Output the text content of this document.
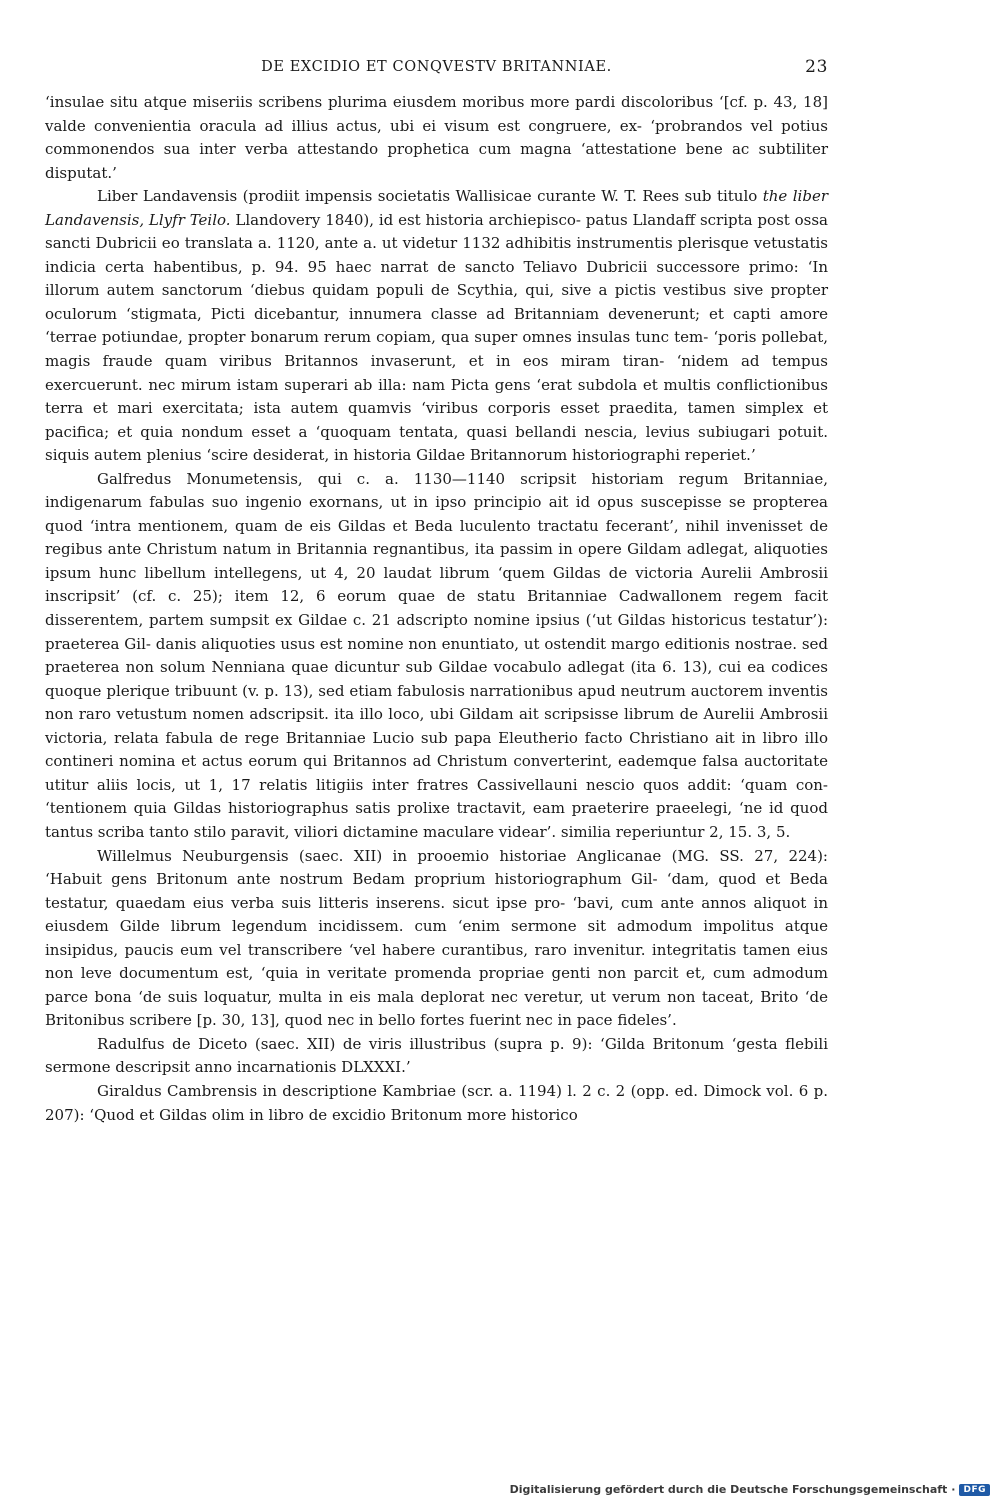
DE EXCIDIO ET CONQVESTV BRITANNIAE.	23

‘insulae situ atque miseriis scribens plurima eiusdem moribus more pardi discoloribus ‘[cf. p. 43, 18] valde convenientia oracula ad illius actus, ubi ei visum est congruere, ex- ‘probrandos vel potius commonendos sua inter verba attestando prophetica cum magna ‘attestatione bene ac subtiliter disputat.’

Liber Landavensis (prodiit impensis societatis Wallisicae curante W. T. Rees sub titulo the liber Landavensis, Llyfr Teilo. Llandovery 1840), id est historia archiepisco- patus Llandaff scripta post ossa sancti Dubricii eo translata a. 1120, ante a. ut videtur 1132 adhibitis instrumentis plerisque vetustatis indicia certa habentibus, p. 94. 95 haec narrat de sancto Teliavo Dubricii successore primo: ‘In illorum autem sanctorum ‘diebus quidam populi de Scythia, qui, sive a pictis vestibus sive propter oculorum ‘stigmata, Picti dicebantur, innumera classe ad Britanniam devenerunt; et capti amore ‘terrae potiundae, propter bonarum rerum copiam, qua super omnes insulas tunc tem- ‘poris pollebat, magis fraude quam viribus Britannos invaserunt, et in eos miram tiran- ‘nidem ad tempus exercuerunt. nec mirum istam superari ab illa: nam Picta gens ‘erat subdola et multis conflictionibus terra et mari exercitata; ista autem quamvis ‘viribus corporis esset praedita, tamen simplex et pacifica; et quia nondum esset a ‘quoquam tentata, quasi bellandi nescia, levius subiugari potuit. siquis autem plenius ‘scire desiderat, in historia Gildae Britannorum historiographi reperiet.’

Galfredus Monumetensis, qui c. a. 1130—1140 scripsit historiam regum Britanniae, indigenarum fabulas suo ingenio exornans, ut in ipso principio ait id opus suscepisse se propterea quod ‘intra mentionem, quam de eis Gildas et Beda luculento tractatu fecerant’, nihil invenisset de regibus ante Christum natum in Britannia regnantibus, ita passim in opere Gildam adlegat, aliquoties ipsum hunc libellum intellegens, ut 4, 20 laudat librum ‘quem Gildas de victoria Aurelii Ambrosii inscripsit’ (cf. c. 25); item 12, 6 eorum quae de statu Britanniae Cadwallonem regem facit disserentem, partem sumpsit ex Gildae c. 21 adscripto nomine ipsius (‘ut Gildas historicus testatur’): praeterea Gil- danis aliquoties usus est nomine non enuntiato, ut ostendit margo editionis nostrae. sed praeterea non solum Nenniana quae dicuntur sub Gildae vocabulo adlegat (ita 6. 13), cui ea codices quoque plerique tribuunt (v. p. 13), sed etiam fabulosis narrationibus apud neutrum auctorem inventis non raro vetustum nomen adscripsit. ita illo loco, ubi Gildam ait scripsisse librum de Aurelii Ambrosii victoria, relata fabula de rege Britanniae Lucio sub papa Eleutherio facto Christiano ait in libro illo contineri nomina et actus eorum qui Britannos ad Christum converterint, eademque falsa auctoritate utitur aliis locis, ut 1, 17 relatis litigiis inter fratres Cassivellauni nescio quos addit: ‘quam con- ‘tentionem quia Gildas historiographus satis prolixe tractavit, eam praeterire praeelegi, ‘ne id quod tantus scriba tanto stilo paravit, viliori dictamine maculare videar’. similia reperiuntur 2, 15. 3, 5.

Willelmus Neuburgensis (saec. XII) in prooemio historiae Anglicanae (MG. SS. 27, 224): ‘Habuit gens Britonum ante nostrum Bedam proprium historiographum Gil- ‘dam, quod et Beda testatur, quaedam eius verba suis litteris inserens. sicut ipse pro- ‘bavi, cum ante annos aliquot in eiusdem Gilde librum legendum incidissem. cum ‘enim sermone sit admodum impolitus atque insipidus, paucis eum vel transcribere ‘vel habere curantibus, raro invenitur. integritatis tamen eius non leve documentum est, ‘quia in veritate promenda propriae genti non parcit et, cum admodum parce bona ‘de suis loquatur, multa in eis mala deplorat nec veretur, ut verum non taceat, Brito ‘de Britonibus scribere [p. 30, 13], quod nec in bello fortes fuerint nec in pace fideles’.

Radulfus de Diceto (saec. XII) de viris illustribus (supra p. 9): ‘Gilda Britonum ‘gesta flebili sermone descripsit anno incarnationis DLXXXI.’

Giraldus Cambrensis in descriptione Kambriae (scr. a. 1194) l. 2 c. 2 (opp. ed. Dimock vol. 6 p. 207): ‘Quod et Gildas olim in libro de excidio Britonum more historico

Digitalisierung gefördert durch die Deutsche Forschungsgemeinschaft · DFG
